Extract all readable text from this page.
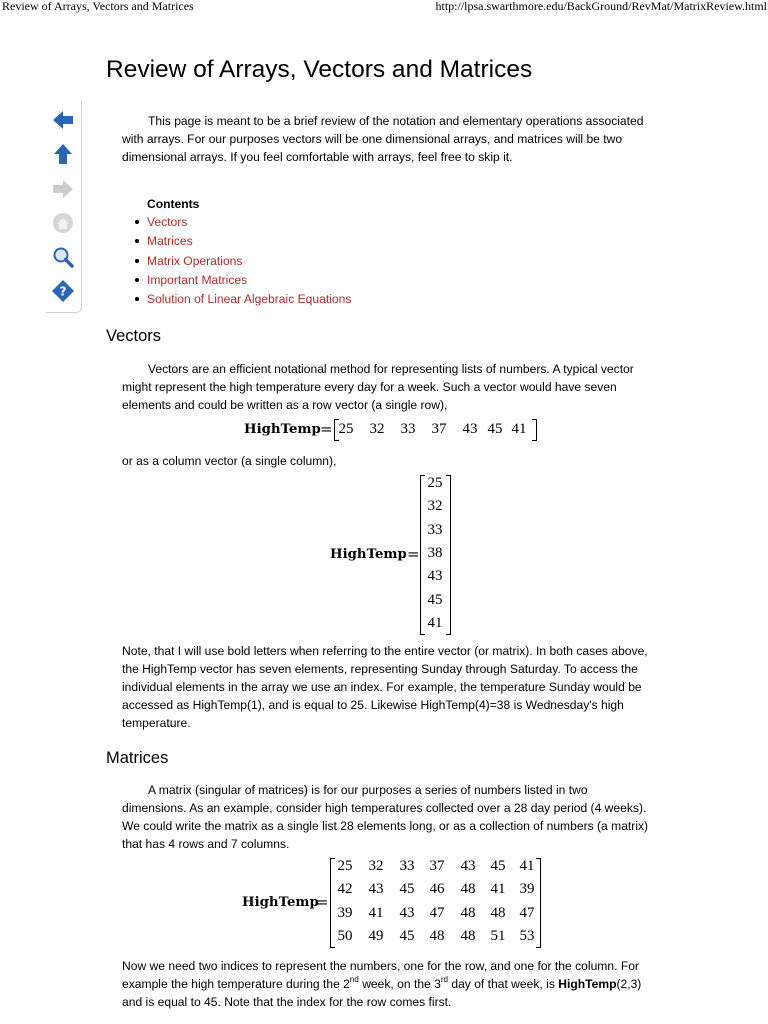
Review of Arrays, Vectors and Matrices	http://lpsa.swarthmore.edu/BackGround/RevMat/MatrixReview.html
Review of Arrays, Vectors and Matrices
?

This page is meant to be a brief review of the notation and elementary operations associated with arrays. For our purposes vectors will be one dimensional arrays, and matrices will be two dimensional arrays. If you feel comfortable with arrays, feel free to skip it.

Contents
Vectors
Matrices
Matrix Operations
Important Matrices
Solution of Linear Algebraic Equations
Vectors

Vectors are an efficient notational method for representing lists of numbers. A typical vector might represent the high temperature every day for a week. Such a vector would have seven elements and could be written as a row vector (a single row),

HighTemp = 25	32	33	37	43 45 41

or as a column vector (a single column),

HighTemp =
25
32
33
38
43
45
41

Note, that I will use bold letters when referring to the entire vector (or matrix). In both cases above, the HighTemp vector has seven elements, representing Sunday through Saturday. To access the individual elements in the array we use an index. For example, the temperature Sunday would be accessed as HighTemp(1), and is equal to 25. Likewise HighTemp(4)=38 is Wednesday's high temperature.

Matrices

A matrix (singular of matrices) is for our purposes a series of numbers listed in two dimensions. As an example, consider high temperatures collected over a 28 day period (4 weeks). We could write the matrix as a single list 28 elements long, or as a collection of numbers (a matrix) that has 4 rows and 7 columns.

HighTemp
=
25	32	33	37	43	45 41
42	43	45	46	48	41 39
39	41	43	47	48	48 47
50	49	45	48	48	51 53

Now we need two indices to represent the numbers, one for the row, and one for the column. For example the high temperature during the 2nd week, on the 3rd day of that week, is HighTemp(2,3) and is equal to 45. Note that the index for the row comes first.
